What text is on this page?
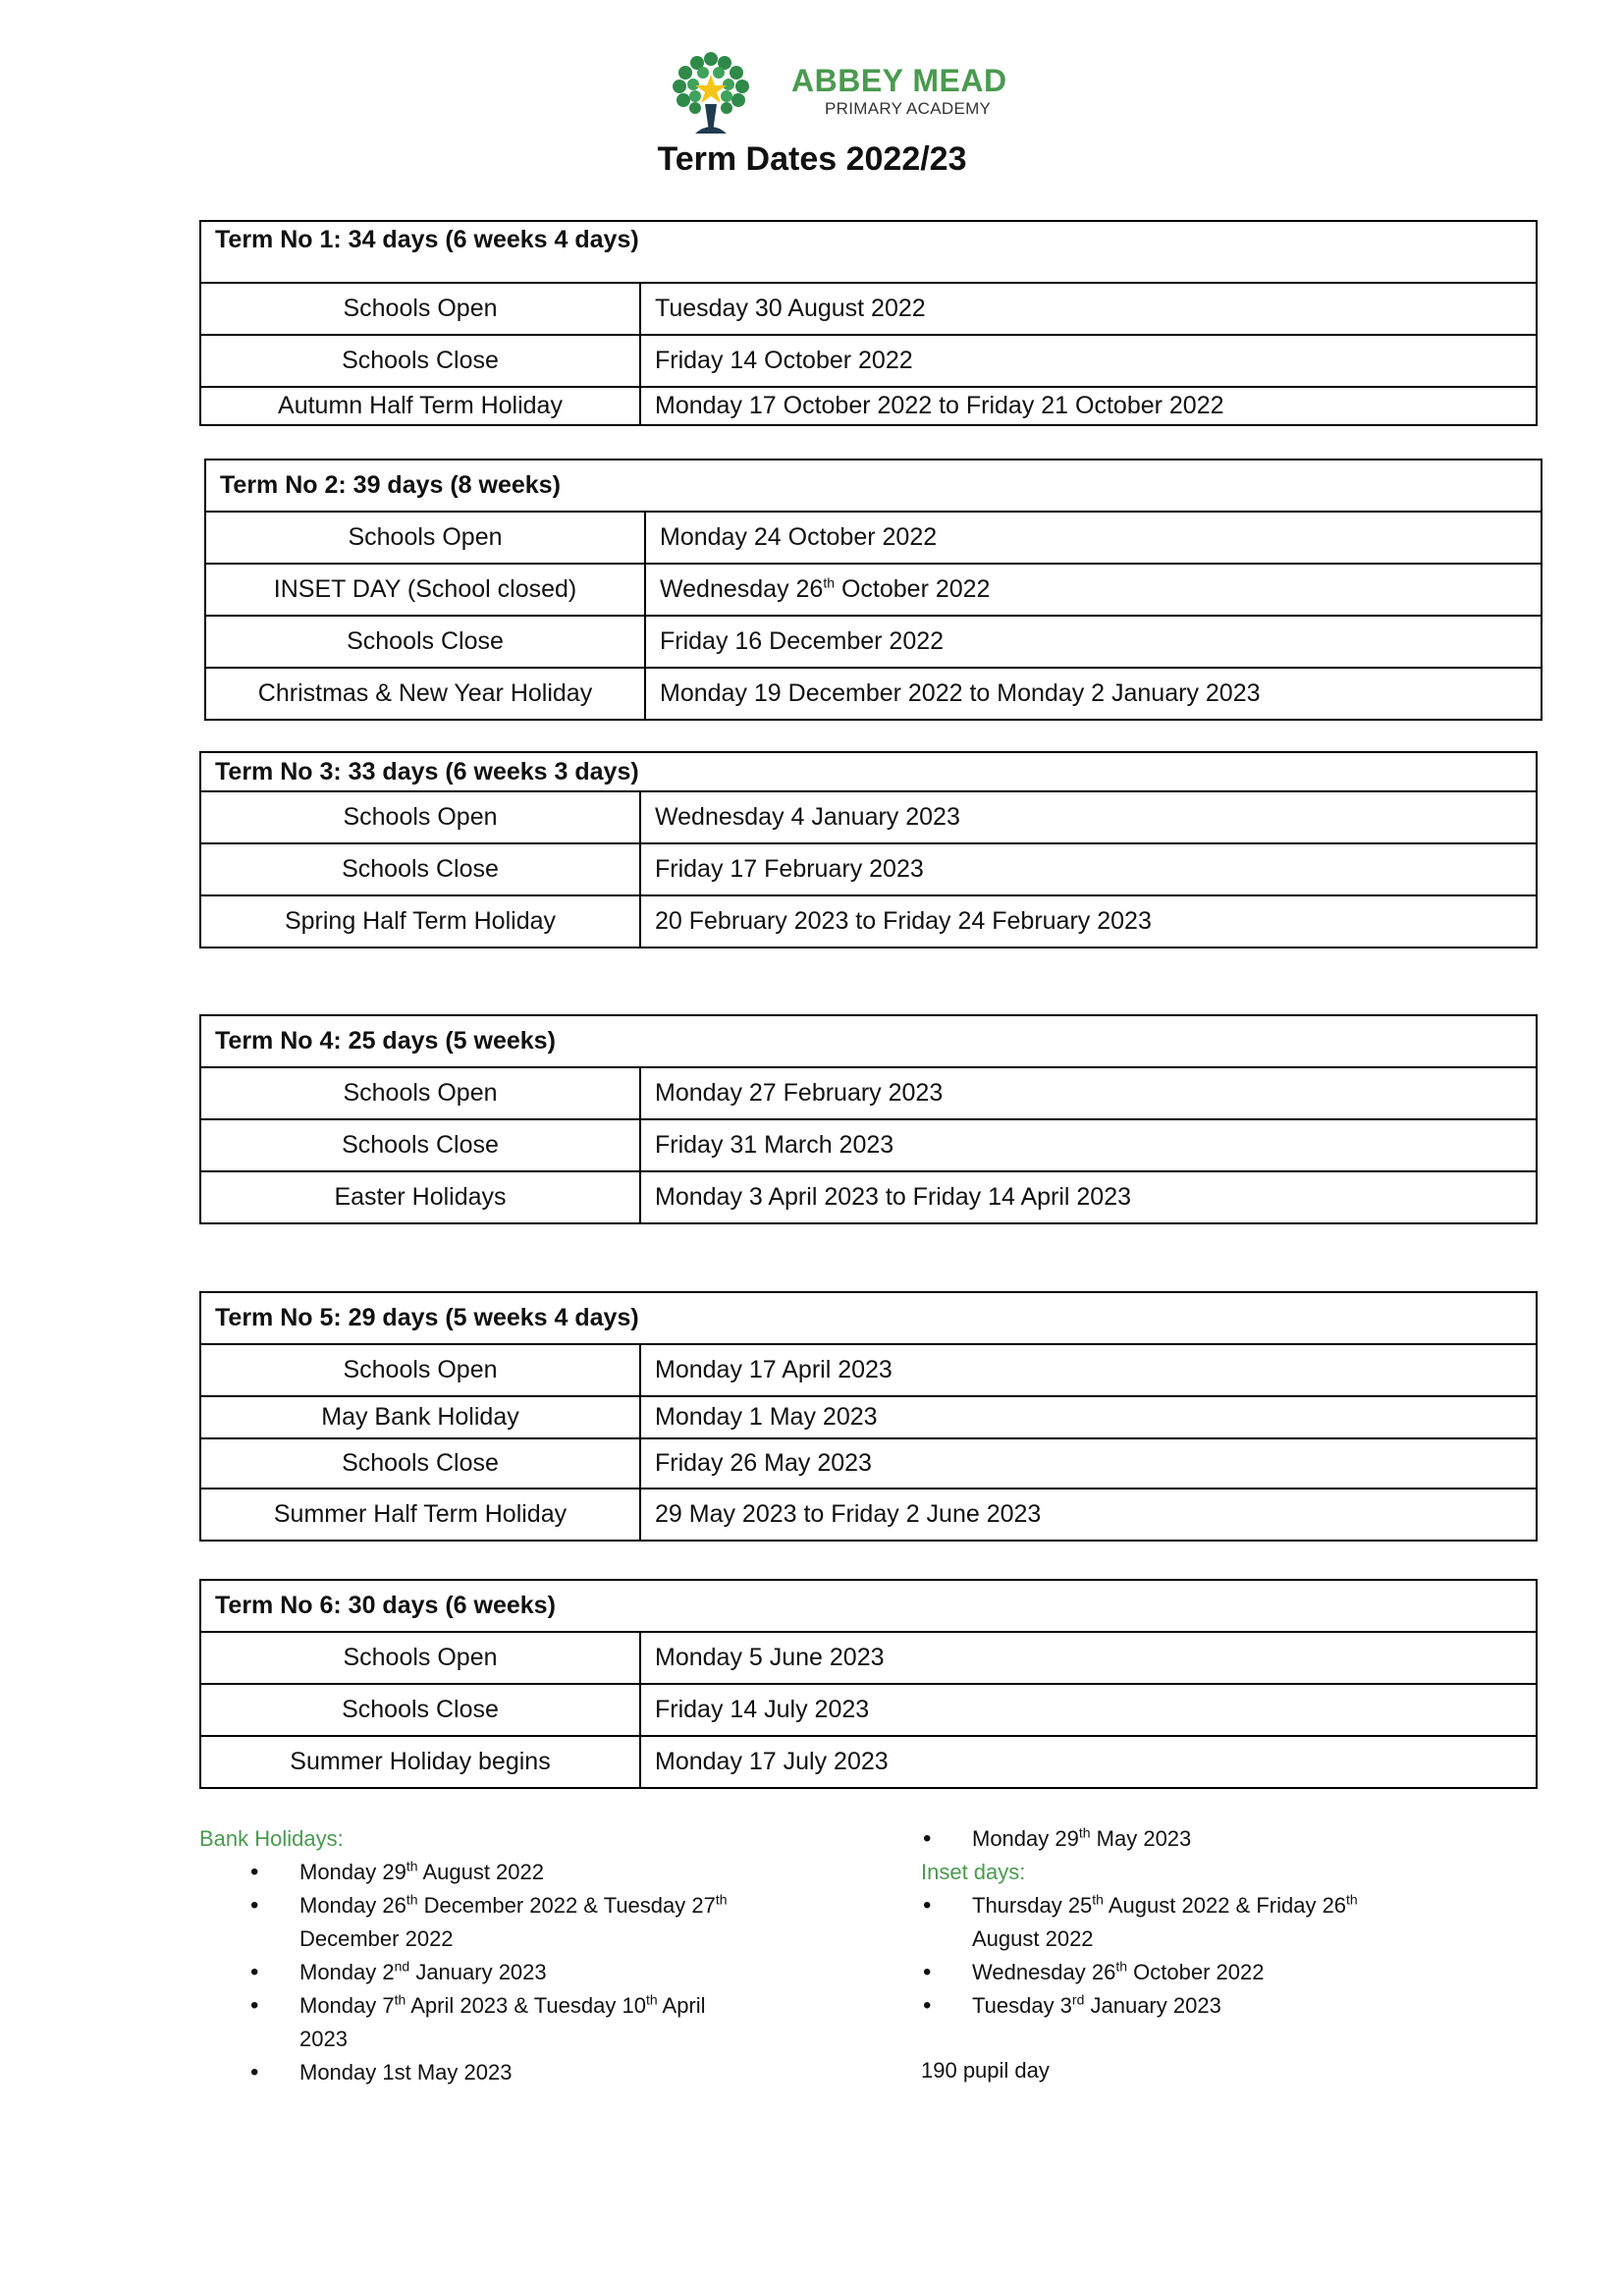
ABBEY MEAD
PRIMARY ACADEMY
Term Dates 2022/23
Term No 1: 34 days (6 weeks 4 days)	
Schools Open	Tuesday 30 August 2022
Schools Close	Friday 14 October 2022
Autumn Half Term Holiday	Monday 17 October 2022 to Friday 21 October 2022
Term No 2: 39 days (8 weeks)	
Schools Open	Monday 24 October 2022
INSET DAY (School closed)	Wednesday 26th October 2022
Schools Close	Friday 16 December 2022
Christmas & New Year Holiday	Monday 19 December 2022 to Monday 2 January 2023
Term No 3: 33 days (6 weeks 3 days)	
Schools Open	Wednesday 4 January 2023
Schools Close	Friday 17 February 2023
Spring Half Term Holiday	20 February 2023 to Friday 24 February 2023
Term No 4: 25 days (5 weeks)	
Schools Open	Monday 27 February 2023
Schools Close	Friday 31 March 2023
Easter Holidays	Monday 3 April 2023 to Friday 14 April 2023
Term No 5: 29 days (5 weeks 4 days)	
Schools Open	Monday 17 April 2023
May Bank Holiday	Monday 1 May 2023
Schools Close	Friday 26 May 2023
Summer Half Term Holiday	29 May 2023 to Friday 2 June 2023
Term No 6: 30 days (6 weeks)	
Schools Open	Monday 5 June 2023
Schools Close	Friday 14 July 2023
Summer Holiday begins	Monday 17 July 2023
Bank Holidays:
• Monday 29th August 2022
• Monday 26th December 2022 & Tuesday 27th
December 2022
• Monday 2nd January 2023
• Monday 7th April 2023 & Tuesday 10th April
2023
• Monday 1st May 2023
• Monday 29th May 2023
Inset days:
• Thursday 25th August 2022 & Friday 26th
August 2022
• Wednesday 26th October 2022
• Tuesday 3rd January 2023
190 pupil day
